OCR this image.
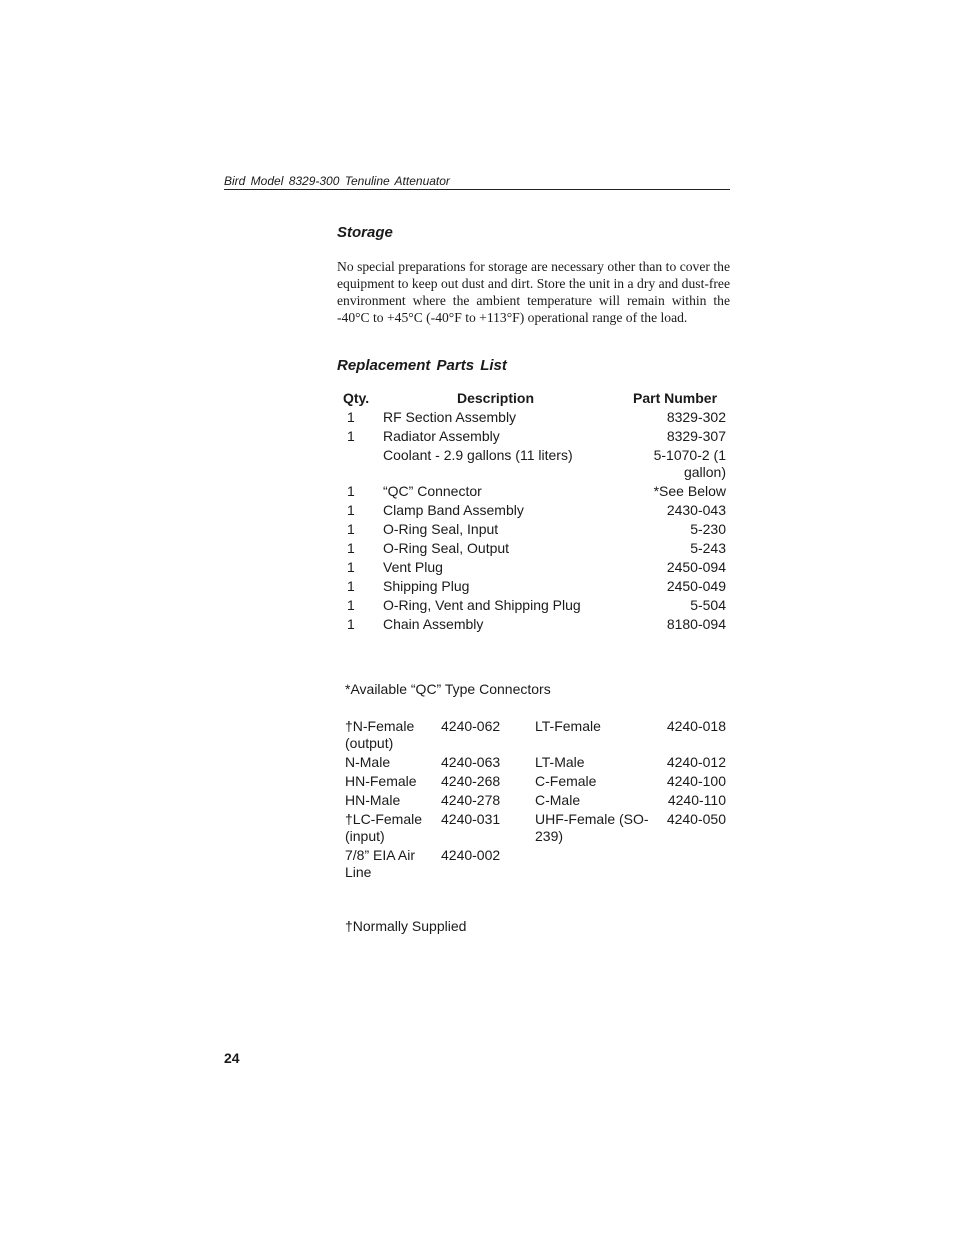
Bird Model 8329-300 Tenuline Attenuator
Storage

No special preparations for storage are necessary other than to cover the equipment to keep out dust and dirt. Store the unit in a dry and dust-free environment where the ambient temperature will remain within the -40°C to +45°C (-40°F to +113°F) operational range of the load.

Replacement Parts List
Qty.	Description	Part Number
1	RF Section Assembly	8329-302
1	Radiator Assembly	8329-307
	Coolant - 2.9 gallons (11 liters)	5-1070-2 (1 gallon)
1	“QC” Connector	*See Below
1	Clamp Band Assembly	2430-043
1	O-Ring Seal, Input	5-230
1	O-Ring Seal, Output	5-243
1	Vent Plug	2450-094
1	Shipping Plug	2450-049
1	O-Ring, Vent and Shipping Plug	5-504
1	Chain Assembly	8180-094
*Available “QC” Type Connectors
†N-Female (output)	4240-062	LT-Female	4240-018
N-Male	4240-063	LT-Male	4240-012
HN-Female	4240-268	C-Female	4240-100
HN-Male	4240-278	C-Male	4240-110
†LC-Female (input)	4240-031	UHF-Female (SO-239)	4240-050
7/8” EIA Air Line	4240-002		
†Normally Supplied
24
